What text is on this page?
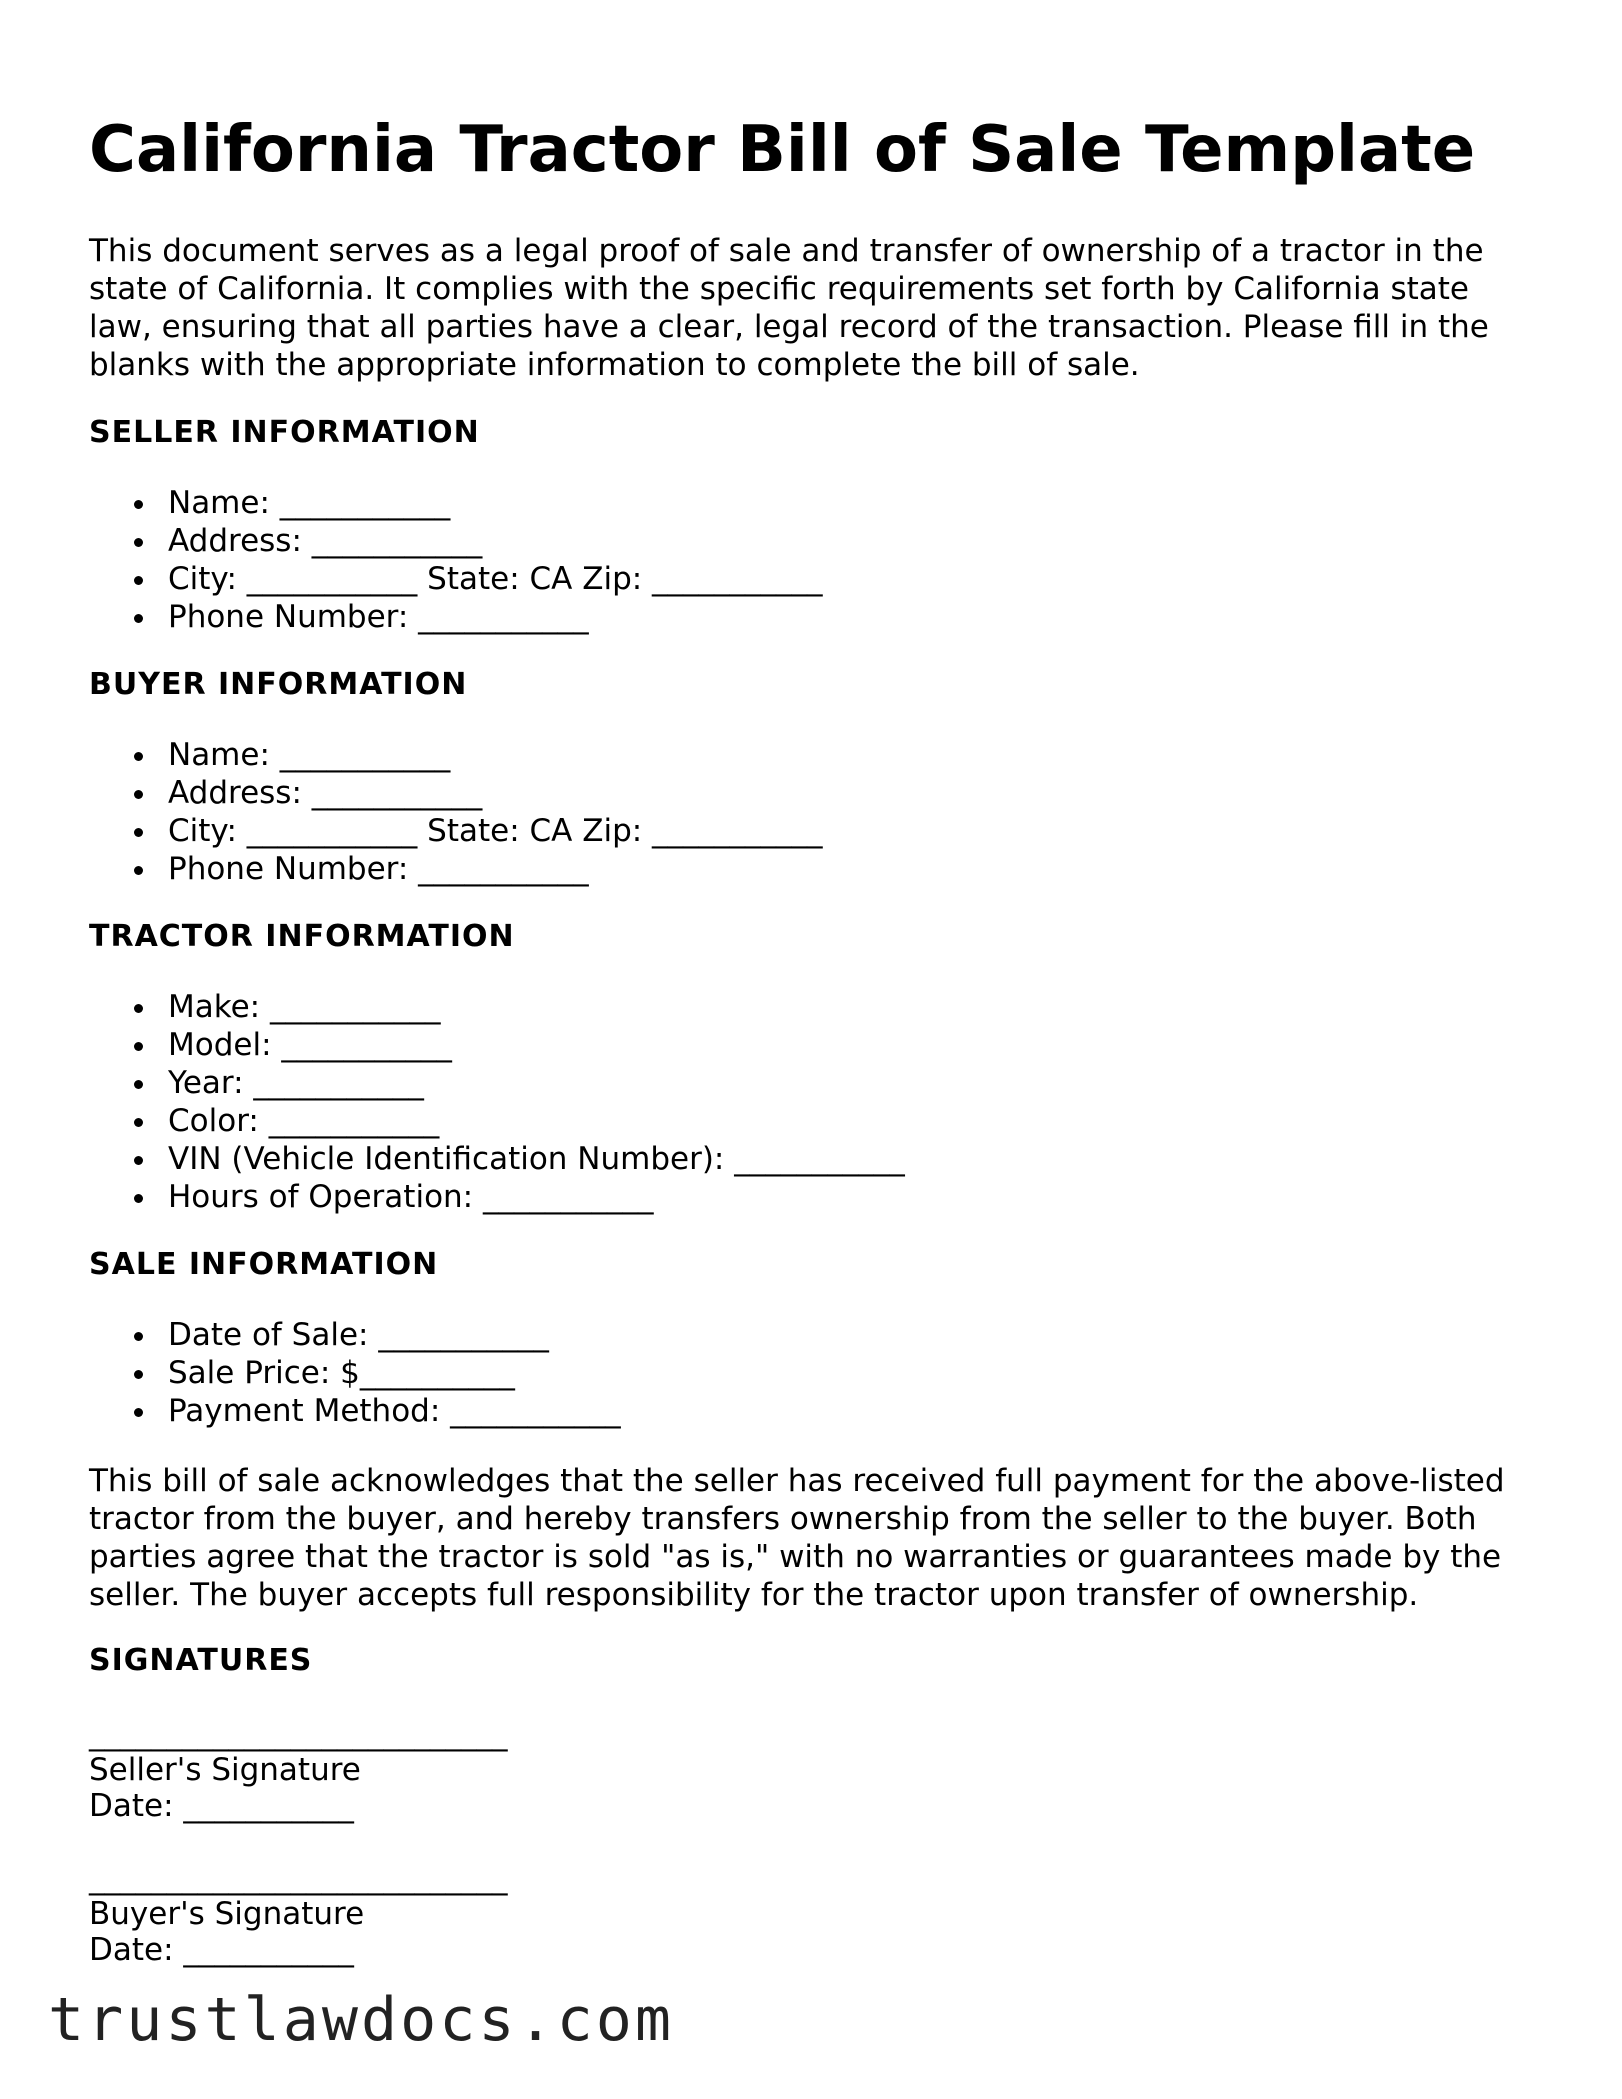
California Tractor Bill of Sale Template

This document serves as a legal proof of sale and transfer of ownership of a tractor in the state of California. It complies with the specific requirements set forth by California state law, ensuring that all parties have a clear, legal record of the transaction. Please fill in the blanks with the appropriate information to complete the bill of sale.

SELLER INFORMATION
Name: ___________
Address: ___________
City: ___________ State: CA Zip: ___________
Phone Number: ___________
BUYER INFORMATION
Name: ___________
Address: ___________
City: ___________ State: CA Zip: ___________
Phone Number: ___________
TRACTOR INFORMATION
Make: ___________
Model: ___________
Year: ___________
Color: ___________
VIN (Vehicle Identification Number): ___________
Hours of Operation: ___________
SALE INFORMATION
Date of Sale: ___________
Sale Price: $__________
Payment Method: ___________

This bill of sale acknowledges that the seller has received full payment for the above-listed tractor from the buyer, and hereby transfers ownership from the seller to the buyer. Both parties agree that the tractor is sold "as is," with no warranties or guarantees made by the seller. The buyer accepts full responsibility for the tractor upon transfer of ownership.

SIGNATURES
___________________________
Seller's Signature
Date: ___________
___________________________
Buyer's Signature
Date: ___________
trustlawdocs.com
